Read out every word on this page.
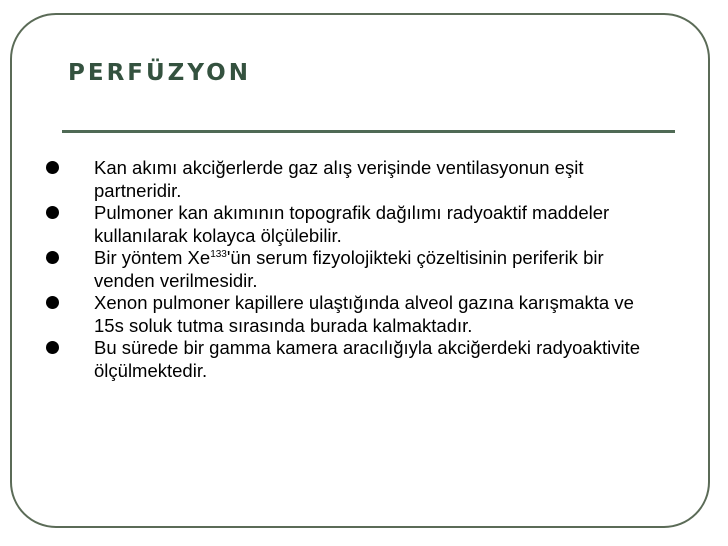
PERFÜZYON
Kan akımı akciğerlerde gaz alış verişinde ventilasyonun eşit partneridir.
Pulmoner kan akımının topografik dağılımı radyoaktif maddeler kullanılarak kolayca ölçülebilir.
Bir yöntem Xe$^{133}$'ün serum fizyolojikteki çözeltisinin periferik bir venden verilmesidir.
Xenon pulmoner kapillere ulaştığında alveol gazına karışmakta ve 15s soluk tutma sırasında burada kalmaktadır.
Bu sürede bir gamma kamera aracılığıyla akciğerdeki radyoaktivite ölçülmektedir.
